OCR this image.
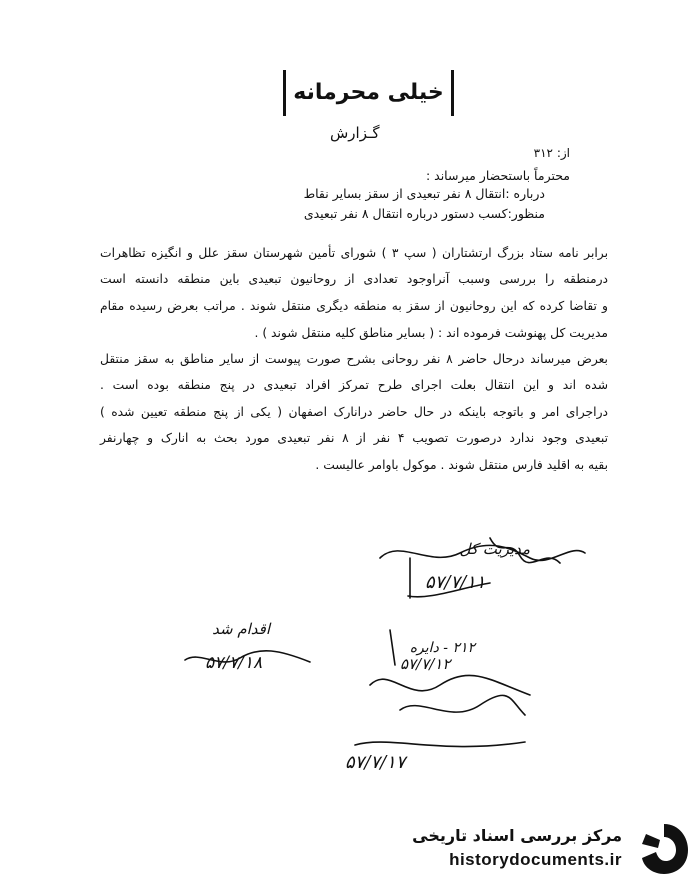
خیلی محرمانه
گـزارش
از: ۳۱۲
محترماً باستحضار میرساند :
درباره :انتقال ۸ نفر تبعیدی از سقز بسایر نقاط
منظور:کسب دستور درباره انتقال ۸ نفر تبعیدی
برابر نامه ستاد بزرگ ارتشتاران ( سپ ۳ ) شورای تأمین شهرستان سقز علل و انگیزه تظاهرات
درمنطقه را بررسی وسبب آنراوجود تعدادی از روحانیون تبعیدی باین منطقه دانسته است
و تقاضا کرده که این روحانیون از سقز به منطقه دیگری منتقل شوند . مراتب بعرض رسیده مقام
مدیریت کل پهنوشت فرموده اند : ( بسایر مناطق کلیه منتقل شوند ) .
بعرض میرساند درحال حاضر ۸ نفر روحانی بشرح صورت پیوست از سایر مناطق به سقز منتقل
شده اند و این انتقال بعلت اجرای طرح تمرکز افراد تبعیدی در پنج منطقه بوده است .
دراجرای امر و باتوجه باینکه در حال حاضر درانارک اصفهان ( یکی از پنج منطقه تعیین شده )
تبعیدی وجود ندارد درصورت تصویب ۴ نفر از ۸ نفر تبعیدی مورد بحث به انارک و چهارنفر
بقیه به اقلید فارس منتقل شوند . موکول باوامر عالیست .
مدیریت کل
۵۷/۷/۱۱
اقدام شد
۵۷/۷/۱۸
۲۱۲ - دایره
۵۷/۷/۱۲
۵۷/۷/۱۷
مرکز بررسی اسناد تاریخی
historydocuments.ir
